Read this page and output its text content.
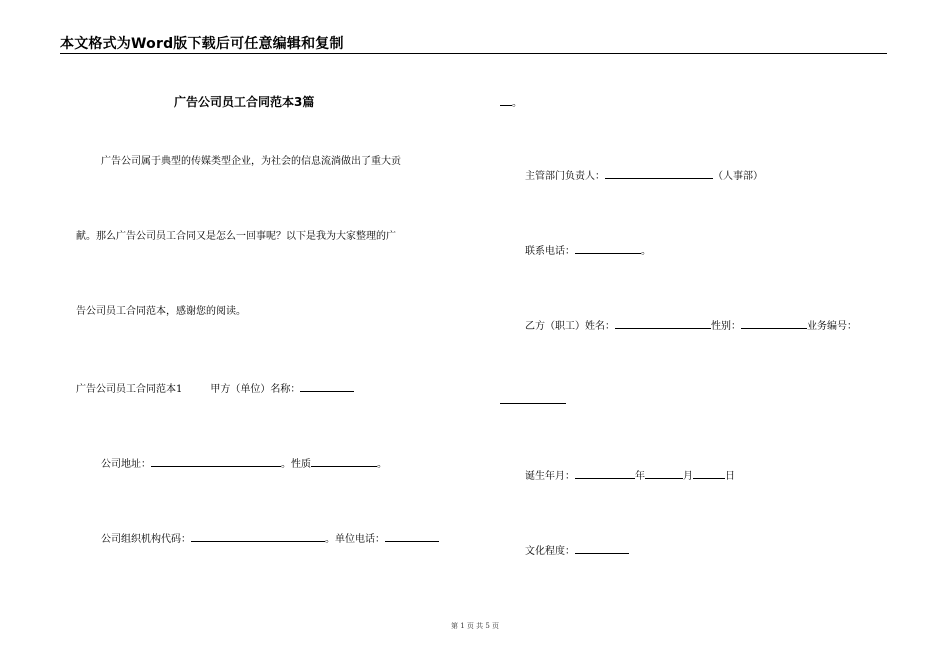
本文格式为Word版下载后可任意编辑和复制
广告公司员工合同范本3篇
广告公司属于典型的传媒类型企业，为社会的信息流淌做出了重大贡
献。那么广告公司员工合同又是怎么一回事呢？以下是我为大家整理的广
告公司员工合同范本，感谢您的阅读。
广告公司员工合同范本1	甲方（单位）名称：
公司地址：	。性质	。
公司组织机构代码：	。单位电话：
。
主管部门负责人：	（人事部）
联系电话：	。
乙方（职工）姓名：	性别：	业务编号：
诞生年月：	年	月	日
文化程度：
第 1 页 共 5 页
